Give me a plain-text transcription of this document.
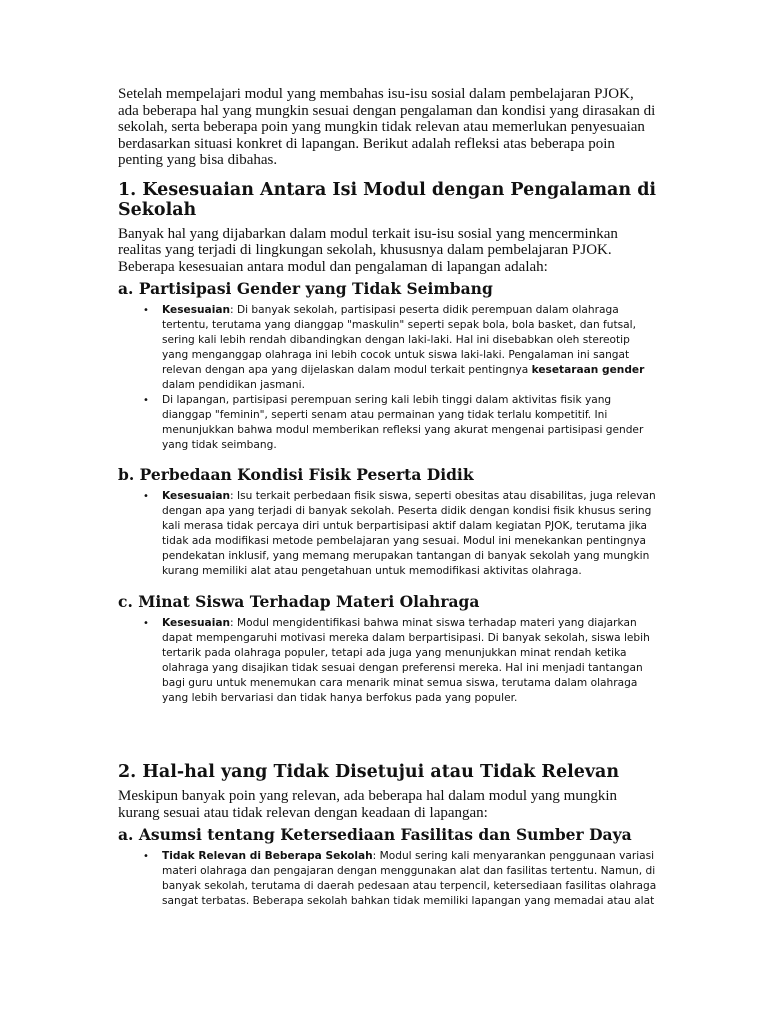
Setelah mempelajari modul yang membahas isu-isu sosial dalam pembelajaran PJOK, ada beberapa hal yang mungkin sesuai dengan pengalaman dan kondisi yang dirasakan di sekolah, serta beberapa poin yang mungkin tidak relevan atau memerlukan penyesuaian berdasarkan situasi konkret di lapangan. Berikut adalah refleksi atas beberapa poin penting yang bisa dibahas.

1. Kesesuaian Antara Isi Modul dengan Pengalaman di Sekolah

Banyak hal yang dijabarkan dalam modul terkait isu-isu sosial yang mencerminkan realitas yang terjadi di lingkungan sekolah, khususnya dalam pembelajaran PJOK. Beberapa kesesuaian antara modul dan pengalaman di lapangan adalah:

a. Partisipasi Gender yang Tidak Seimbang
• Kesesuaian: Di banyak sekolah, partisipasi peserta didik perempuan dalam olahraga tertentu, terutama yang dianggap "maskulin" seperti sepak bola, bola basket, dan futsal, sering kali lebih rendah dibandingkan dengan laki-laki. Hal ini disebabkan oleh stereotip yang menganggap olahraga ini lebih cocok untuk siswa laki-laki. Pengalaman ini sangat relevan dengan apa yang dijelaskan dalam modul terkait pentingnya kesetaraan gender dalam pendidikan jasmani.
• Di lapangan, partisipasi perempuan sering kali lebih tinggi dalam aktivitas fisik yang dianggap "feminin", seperti senam atau permainan yang tidak terlalu kompetitif. Ini menunjukkan bahwa modul memberikan refleksi yang akurat mengenai partisipasi gender yang tidak seimbang.
b. Perbedaan Kondisi Fisik Peserta Didik
• Kesesuaian: Isu terkait perbedaan fisik siswa, seperti obesitas atau disabilitas, juga relevan dengan apa yang terjadi di banyak sekolah. Peserta didik dengan kondisi fisik khusus sering kali merasa tidak percaya diri untuk berpartisipasi aktif dalam kegiatan PJOK, terutama jika tidak ada modifikasi metode pembelajaran yang sesuai. Modul ini menekankan pentingnya pendekatan inklusif, yang memang merupakan tantangan di banyak sekolah yang mungkin kurang memiliki alat atau pengetahuan untuk memodifikasi aktivitas olahraga.
c. Minat Siswa Terhadap Materi Olahraga
• Kesesuaian: Modul mengidentifikasi bahwa minat siswa terhadap materi yang diajarkan dapat mempengaruhi motivasi mereka dalam berpartisipasi. Di banyak sekolah, siswa lebih tertarik pada olahraga populer, tetapi ada juga yang menunjukkan minat rendah ketika olahraga yang disajikan tidak sesuai dengan preferensi mereka. Hal ini menjadi tantangan bagi guru untuk menemukan cara menarik minat semua siswa, terutama dalam olahraga yang lebih bervariasi dan tidak hanya berfokus pada yang populer.
2. Hal-hal yang Tidak Disetujui atau Tidak Relevan

Meskipun banyak poin yang relevan, ada beberapa hal dalam modul yang mungkin kurang sesuai atau tidak relevan dengan keadaan di lapangan:

a. Asumsi tentang Ketersediaan Fasilitas dan Sumber Daya
• Tidak Relevan di Beberapa Sekolah: Modul sering kali menyarankan penggunaan variasi materi olahraga dan pengajaran dengan menggunakan alat dan fasilitas tertentu. Namun, di banyak sekolah, terutama di daerah pedesaan atau terpencil, ketersediaan fasilitas olahraga sangat terbatas. Beberapa sekolah bahkan tidak memiliki lapangan yang memadai atau alat
